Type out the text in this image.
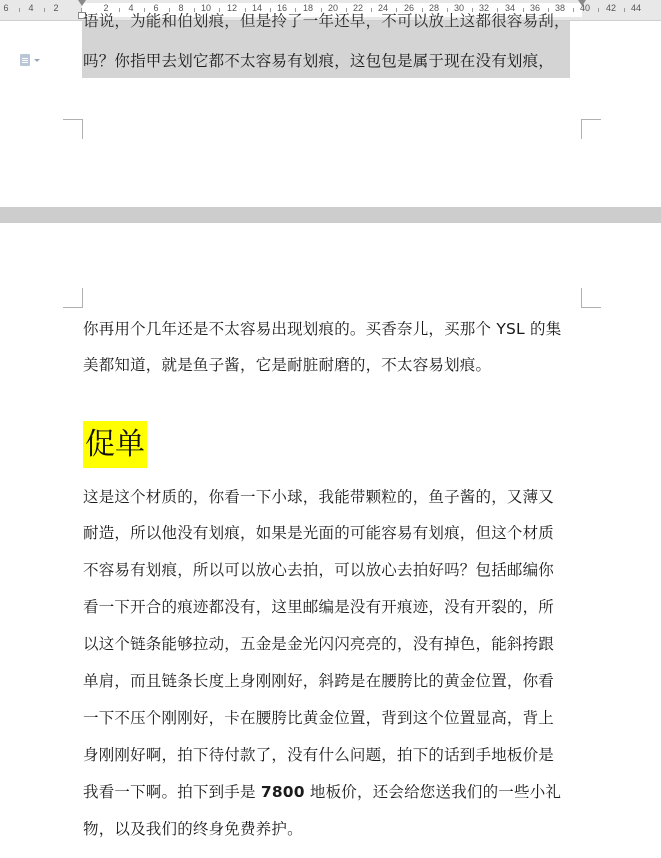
6 4 2	2 4 6 8 10 12 14 16 18 20 22 24 26 28 30 32 34 36 38 40 42 44
语说，为能和伯划痕，但是拎了一年还早，不可以放上这都很容易刮，
吗？你指甲去划它都不太容易有划痕，这包包是属于现在没有划痕，
你再用个几年还是不太容易出现划痕的。买香奈儿，买那个 YSL 的集
美都知道，就是鱼子酱，它是耐脏耐磨的，不太容易划痕。
促单
这是这个材质的，你看一下小球，我能带颗粒的，鱼子酱的，又薄又
耐造，所以他没有划痕，如果是光面的可能容易有划痕，但这个材质
不容易有划痕，所以可以放心去拍，可以放心去拍好吗？包括邮编你
看一下开合的痕迹都没有，这里邮编是没有开痕迹，没有开裂的，所
以这个链条能够拉动，五金是金光闪闪亮亮的，没有掉色，能斜挎跟
单肩，而且链条长度上身刚刚好，斜跨是在腰胯比的黄金位置，你看
一下不压个刚刚好，卡在腰胯比黄金位置，背到这个位置显高，背上
身刚刚好啊，拍下待付款了，没有什么问题，拍下的话到手地板价是
我看一下啊。拍下到手是 7800 地板价，还会给您送我们的一些小礼
物，以及我们的终身免费养护。
